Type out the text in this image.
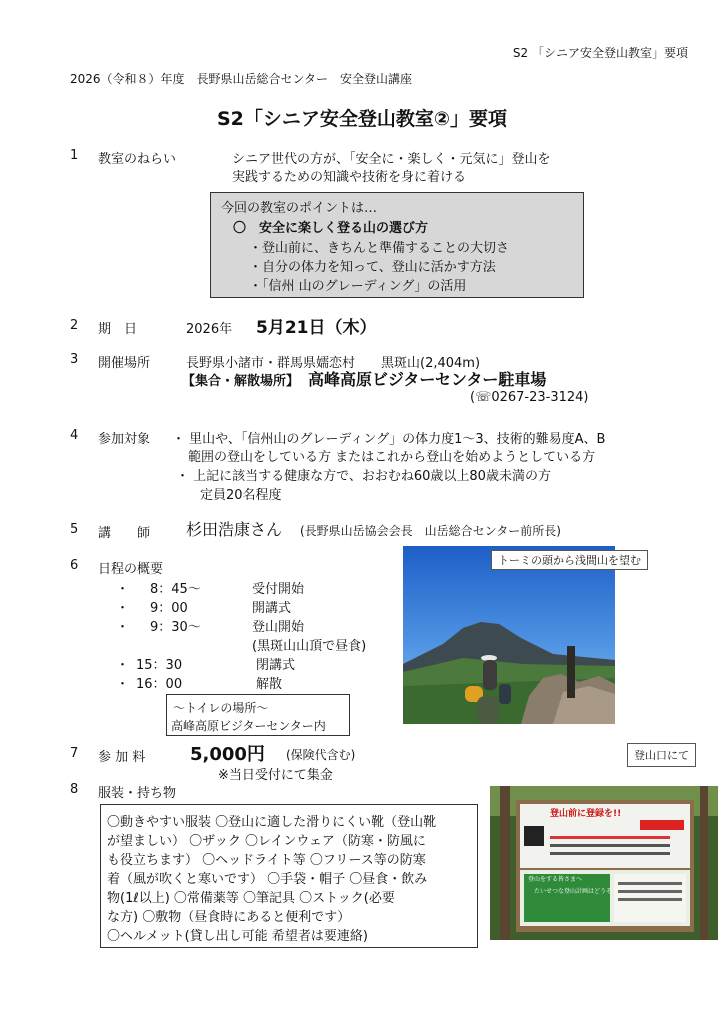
S2 「シニア安全登山教室」要項
2026（令和８）年度　長野県山岳総合センター　安全登山講座
S2「シニア安全登山教室②」要項
1 教室のねらい	シニア世代の方が、「安全に・楽しく・元気に」登山を
実践するための知識や技術を身に着ける
今回の教室のポイントは…
〇　安全に楽しく登る山の選び方
・登山前に、きちんと準備することの大切さ
・自分の体力を知って、登山に活かす方法
・「信州 山のグレーディング」の活用
2 期　日	2026年 5月21日（木）
3 開催場所	長野県小諸市・群馬県嬬恋村　　黒斑山(2,404m)
【集合・解散場所】 高峰高原ビジターセンター駐車場
(☏0267-23-3124)
4 参加対象 ・ 里山や、「信州山のグレーディング」の体力度1～3、技術的難易度A、B
範囲の登山をしている方 またはこれから登山を始めようとしている方
・ 上記に該当する健康な方で、おおむね60歳以上80歳未満の方
定員20名程度
5 講　　師 杉田浩康さん (長野県山岳協会会長　山岳総合センター前所長)
6 日程の概要
・ 8：45～	受付開始
・ 9：00	開講式
・ 9：30～	登山開始
(黒斑山山頂で昼食)
・ 15：30	閉講式
・ 16：00	解散
～トイレの場所～
高峰高原ビジターセンター内
トーミの頭から浅間山を望む
7 参 加 料 5,000円 (保険代含む)
※当日受付にて集金
登山口にて
8 服装・持ち物
〇動きやすい服装 〇登山に適した滑りにくい靴（登山靴
が望ましい） 〇ザック 〇レインウェア（防寒・防風に
も役立ちます） 〇ヘッドライト等 〇フリース等の防寒
着（風が吹くと寒いです） 〇手袋・帽子 〇昼食・飲み
物(1ℓ以上) 〇常備薬等 〇筆記具 〇ストック(必要
な方) 〇敷物（昼食時にあると便利です）
〇ヘルメット(貸し出し可能 希望者は要連絡)
登山前に登録を!!
たいせつな登山計画はどうぞ
登山をする皆さまへ
